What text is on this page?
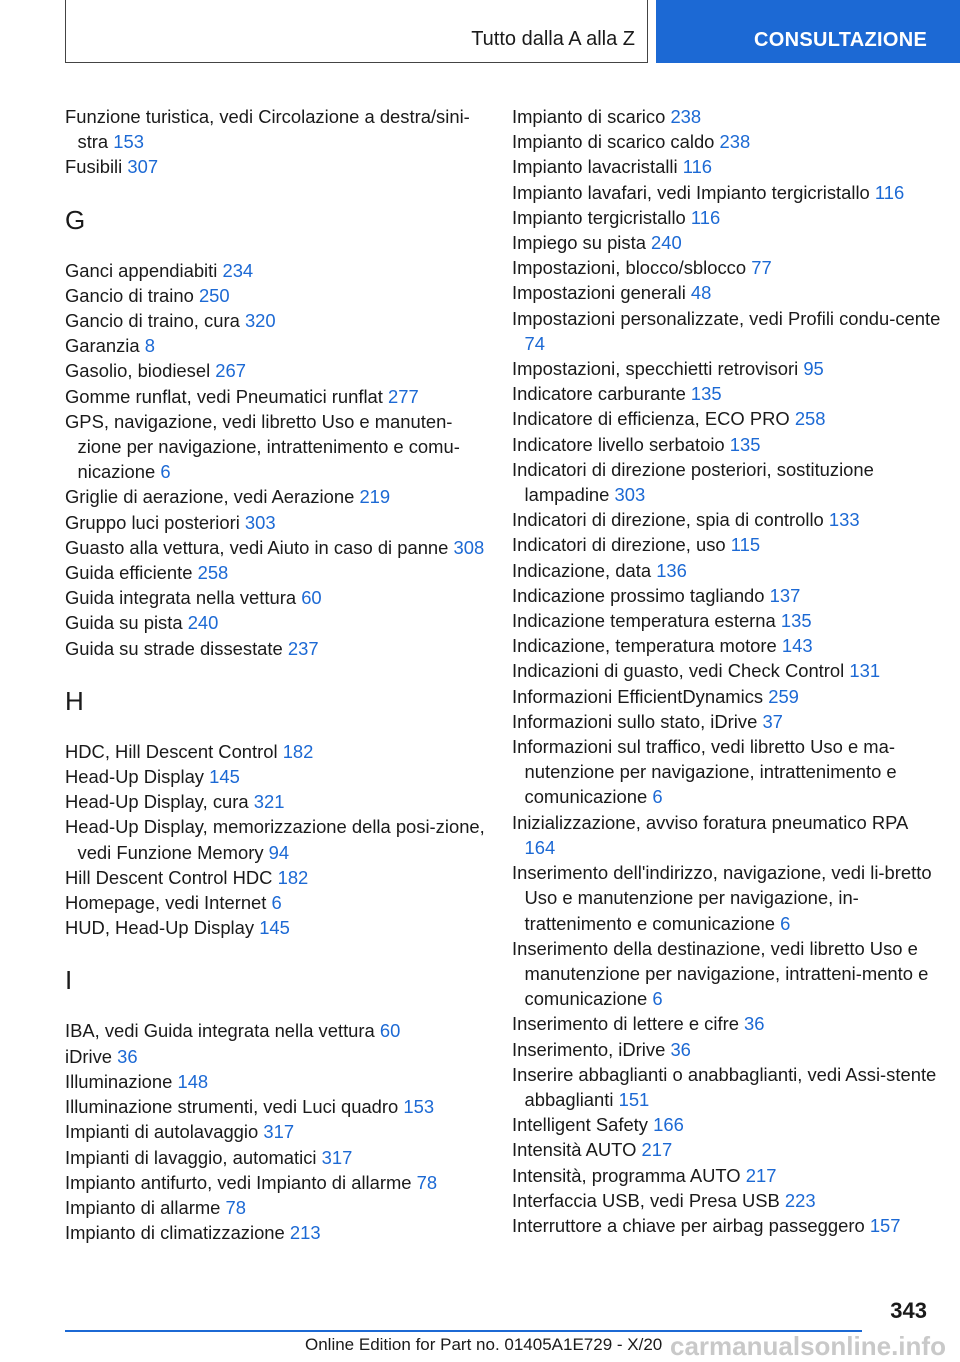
Tutto dalla A alla Z	CONSULTAZIONE

Funzione turistica, vedi Circolazione a destra/sini-stra 153

Fusibili 307

G

Ganci appendiabiti 234

Gancio di traino 250

Gancio di traino, cura 320

Garanzia 8

Gasolio, biodiesel 267

Gomme runflat, vedi Pneumatici runflat 277

GPS, navigazione, vedi libretto Uso e manuten-zione per navigazione, intrattenimento e comu-nicazione 6

Griglie di aerazione, vedi Aerazione 219

Gruppo luci posteriori 303

Guasto alla vettura, vedi Aiuto in caso di panne 308

Guida efficiente 258

Guida integrata nella vettura 60

Guida su pista 240

Guida su strade dissestate 237

H

HDC, Hill Descent Control 182

Head-Up Display 145

Head-Up Display, cura 321

Head-Up Display, memorizzazione della posi-zione, vedi Funzione Memory 94

Hill Descent Control HDC 182

Homepage, vedi Internet 6

HUD, Head-Up Display 145

I

IBA, vedi Guida integrata nella vettura 60

iDrive 36

Illuminazione 148

Illuminazione strumenti, vedi Luci quadro 153

Impianti di autolavaggio 317

Impianti di lavaggio, automatici 317

Impianto antifurto, vedi Impianto di allarme 78

Impianto di allarme 78

Impianto di climatizzazione 213

Impianto di scarico 238

Impianto di scarico caldo 238

Impianto lavacristalli 116

Impianto lavafari, vedi Impianto tergicristallo 116

Impianto tergicristallo 116

Impiego su pista 240

Impostazioni, blocco/sblocco 77

Impostazioni generali 48

Impostazioni personalizzate, vedi Profili condu-cente 74

Impostazioni, specchietti retrovisori 95

Indicatore carburante 135

Indicatore di efficienza, ECO PRO 258

Indicatore livello serbatoio 135

Indicatori di direzione posteriori, sostituzione lampadine 303

Indicatori di direzione, spia di controllo 133

Indicatori di direzione, uso 115

Indicazione, data 136

Indicazione prossimo tagliando 137

Indicazione temperatura esterna 135

Indicazione, temperatura motore 143

Indicazioni di guasto, vedi Check Control 131

Informazioni EfficientDynamics 259

Informazioni sullo stato, iDrive 37

Informazioni sul traffico, vedi libretto Uso e ma-nutenzione per navigazione, intrattenimento e comunicazione 6

Inizializzazione, avviso foratura pneumatico RPA 164

Inserimento dell'indirizzo, navigazione, vedi li-bretto Uso e manutenzione per navigazione, in-trattenimento e comunicazione 6

Inserimento della destinazione, vedi libretto Uso e manutenzione per navigazione, intratteni-mento e comunicazione 6

Inserimento di lettere e cifre 36

Inserimento, iDrive 36

Inserire abbaglianti o anabbaglianti, vedi Assi-stente abbaglianti 151

Intelligent Safety 166

Intensità AUTO 217

Intensità, programma AUTO 217

Interfaccia USB, vedi Presa USB 223

Interruttore a chiave per airbag passeggero 157

343
Online Edition for Part no. 01405A1E729 - X/20 carmanualsonline.info
